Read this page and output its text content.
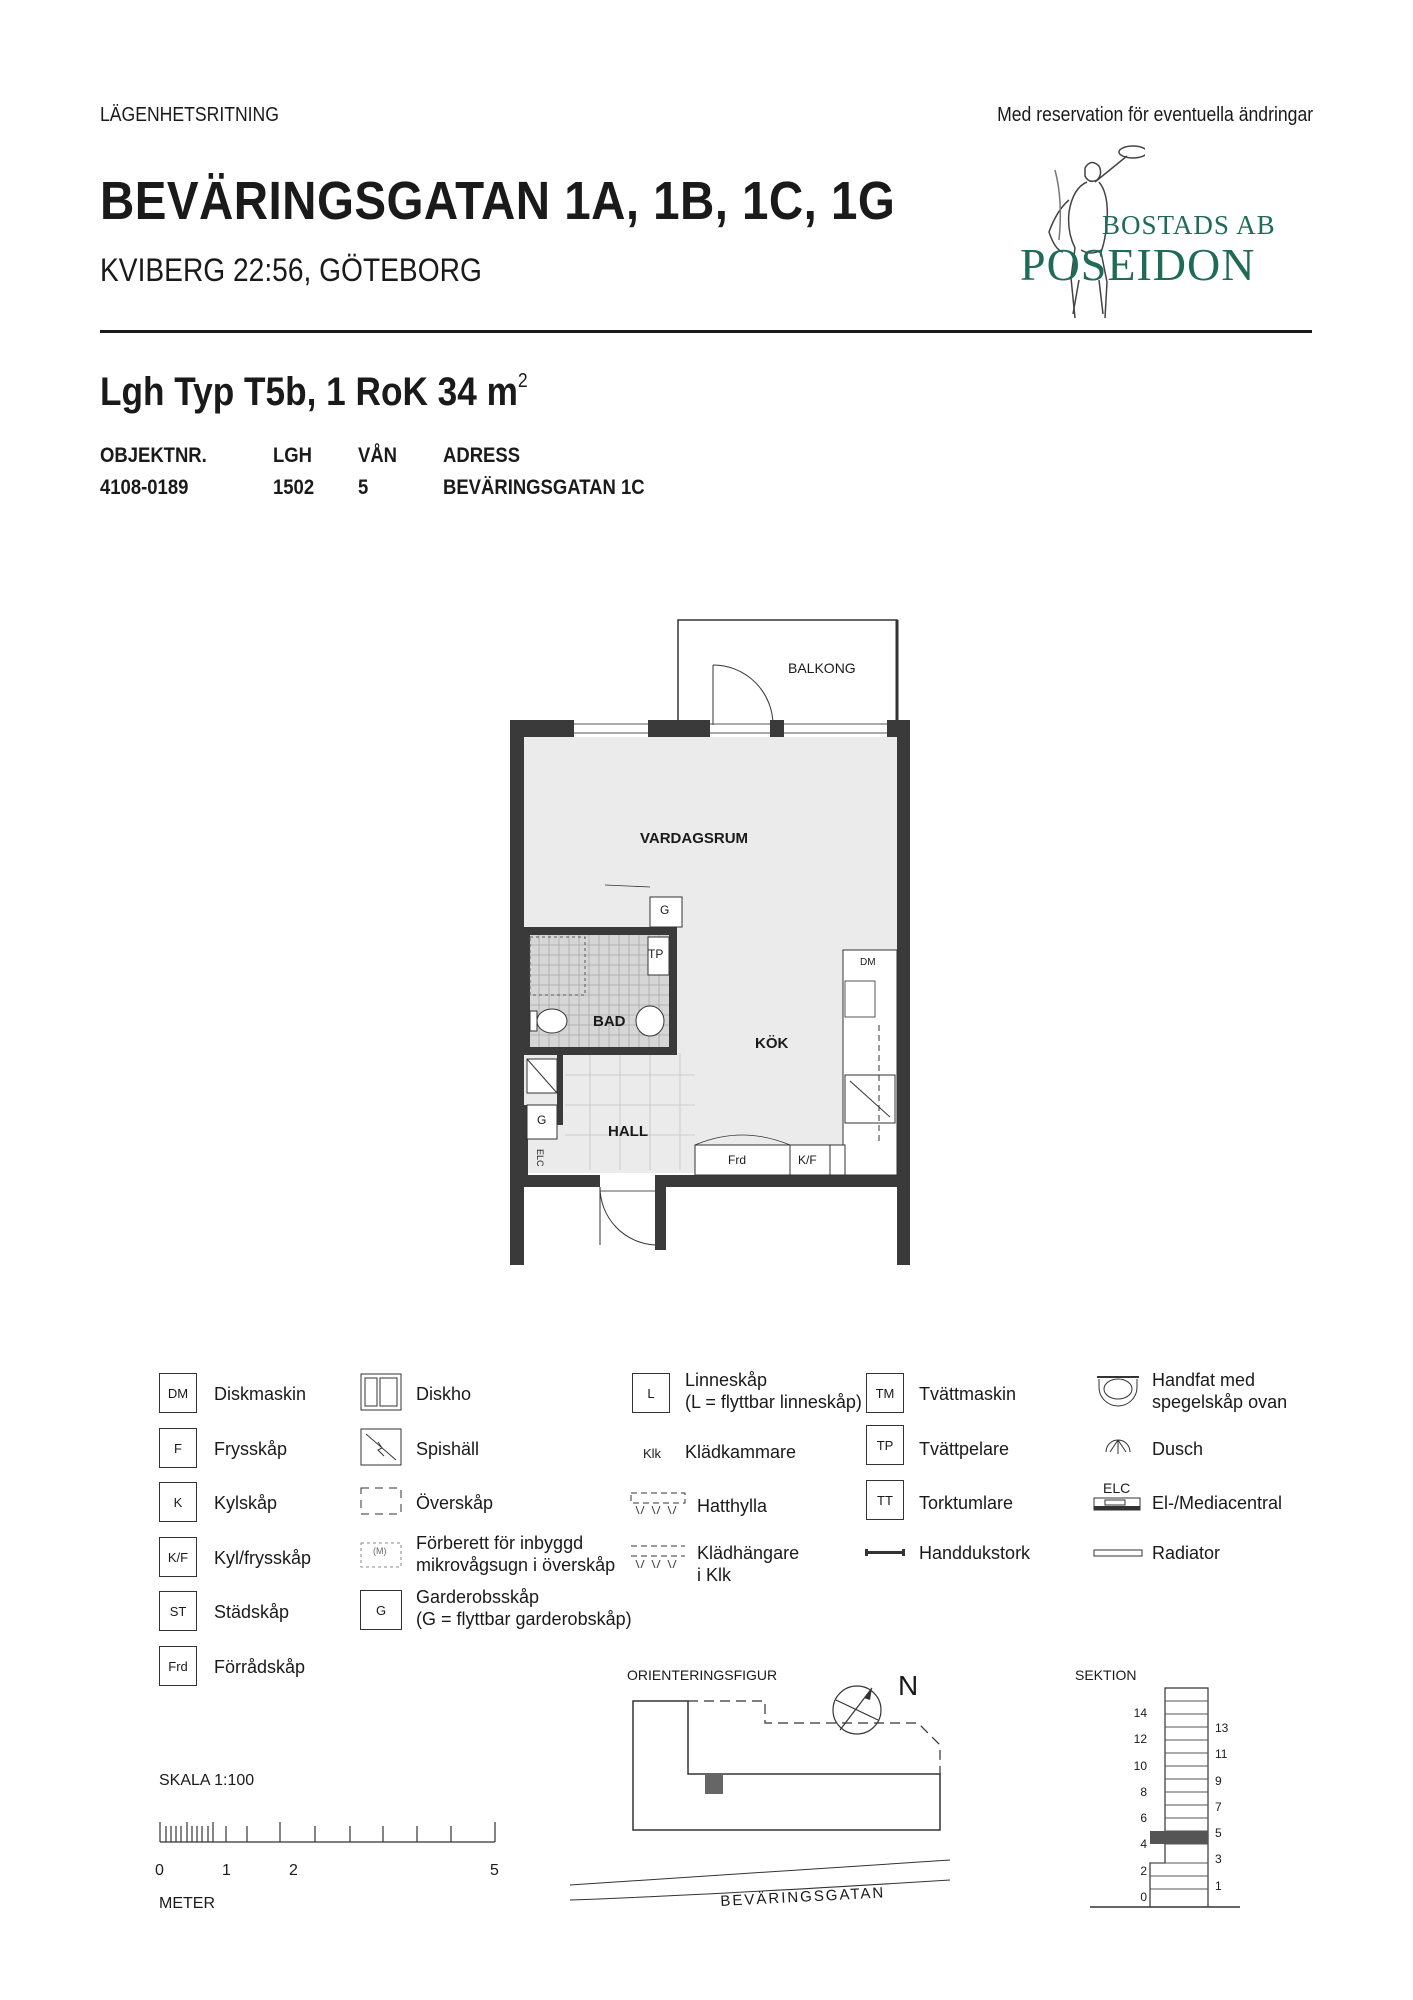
LÄGENHETSRITNING	Med reservation för eventuella ändringar
BEVÄRINGSGATAN 1A, 1B, 1C, 1G
KVIBERG 22:56, GÖTEBORG
BOSTADS AB
POSEIDON
Lgh Typ T5b, 1 RoK 34 $m^2$
OBJEKTNR.	LGH VÅN ADRESS
4108-0189	1502 5	BEVÄRINGSGATAN 1C
BALKONG
VARDAGSRUM
KÖK
BAD
HALL
G
TP
DM
G
Frd	K/F
ELC
DM	Diskmaskin
F	Frysskåp
K	Kylskåp
K/F	Kyl/frysskåp
ST	Städskåp
Frd	Förrådskåp
Diskho
Spishäll
Överskåp
(M) Förberett för inbyggd
mikrovågsugn i överskåp
G
Garderobsskåp
(G = flyttbar garderobskåp)
L
Linneskåp
(L = flyttbar linneskåp)
Klk Klädkammare
Hatthylla
Klädhängare
i Klk
TM	Tvättmaskin
TP	Tvättpelare
TT	Torktumlare
Handdukstork
Handfat med
spegelskåp ovan
Dusch
ELC
El-/Mediacentral
Radiator
SKALA 1:100
0	1	2	5
METER
ORIENTERINGSFIGUR	N
BEVÄRINGSGATAN
SEKTION
14
12
10
8
6
4
2
0
13
11
9
7
5
3
1
